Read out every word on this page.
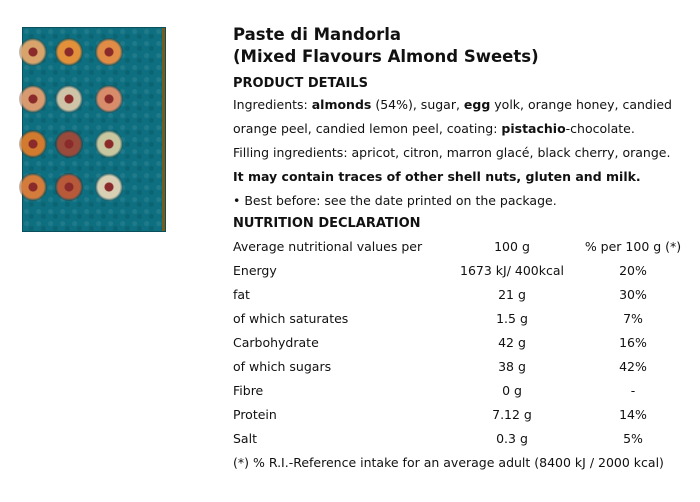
Paste di Mandorla
(Mixed Flavours Almond Sweets)

PRODUCT DETAILS
Ingredients: almonds (54%), sugar, egg yolk, orange honey, candied
orange peel, candied lemon peel, coating: pistachio-chocolate.
Filling ingredients: apricot, citron, marron glacé, black cherry, orange.
It may contain traces of other shell nuts, gluten and milk.
• Best before: see the date printed on the package.
NUTRITION DECLARATION
Average nutritional values per	100 g	% per 100 g (*)
Energy	1673 kJ/ 400kcal	20%
fat	21 g	30%
of which saturates	1.5 g	7%
Carbohydrate	42 g	16%
of which sugars	38 g	42%
Fibre	0 g	-
Protein	7.12 g	14%
Salt	0.3 g	5%
(*) % R.I.-Reference intake for an average adult (8400 kJ / 2000 kcal)
